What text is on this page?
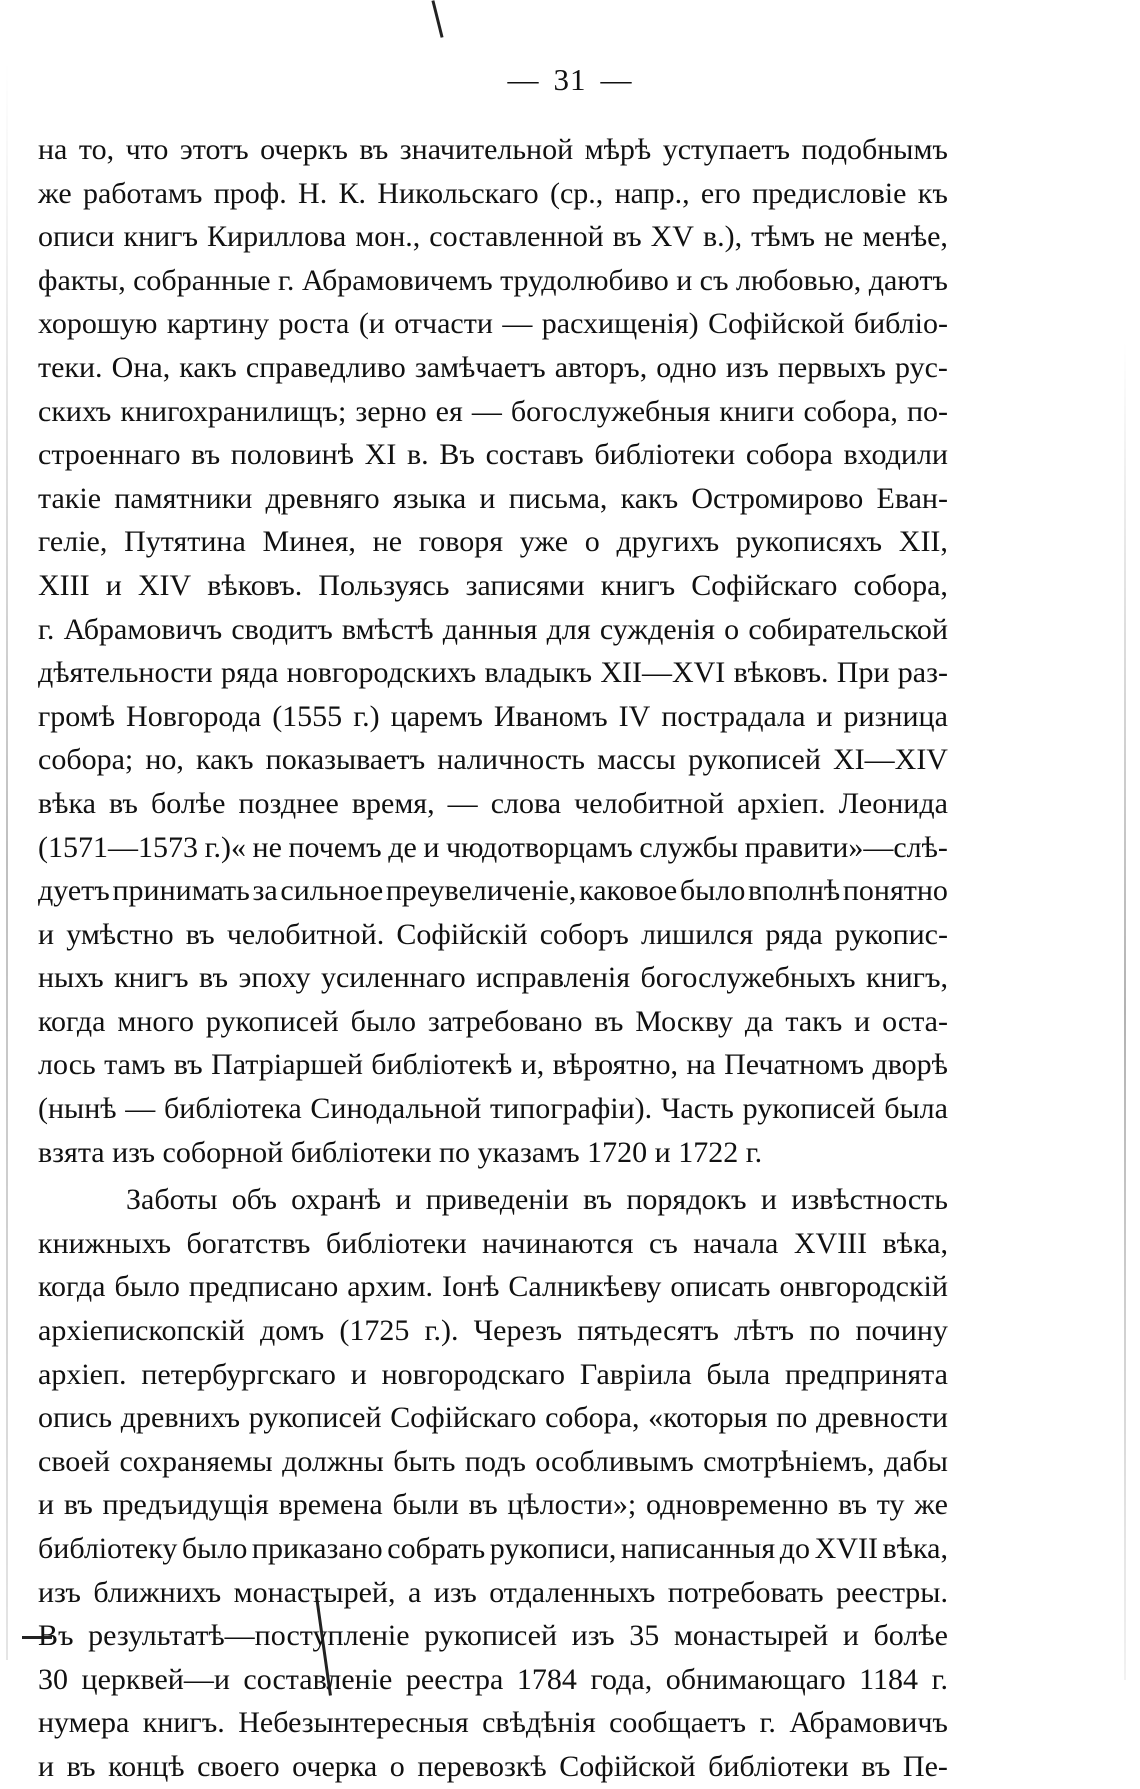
— 31 —
на то, что этотъ очеркъ въ значительной мѣрѣ уступаетъ подобнымъ
же работамъ проф. Н. К. Никольскаго (ср., напр., его предисловіе къ
описи книгъ Кириллова мон., составленной въ XV в.), тѣмъ не менѣе,
факты, собранные г. Абрамовичемъ трудолюбиво и съ любовью, даютъ
хорошую картину роста (и отчасти — расхищенія) Софійской библіо-
теки. Она, какъ справедливо замѣчаетъ авторъ, одно изъ первыхъ рус-
скихъ книгохранилищъ; зерно ея — богослужебныя книги собора, по-
строеннаго въ половинѣ XI в. Въ составъ библіотеки собора входили
такіе памятники древняго языка и письма, какъ Остромирово Еван-
геліе, Путятина Минея, не говоря уже о другихъ рукописяхъ XII,
XIII и XIV вѣковъ. Пользуясь записями книгъ Софійскаго собора,
г. Абрамовичъ сводитъ вмѣстѣ данныя для сужденія о собирательской
дѣятельности ряда новгородскихъ владыкъ XII—XVI вѣковъ. При раз-
громѣ Новгорода (1555 г.) царемъ Иваномъ IV пострадала и ризница
собора; но, какъ показываетъ наличность массы рукописей XI—XIV
вѣка въ болѣе позднее время, — слова челобитной архіеп. Леонида
(1571—1573 г.)« не почемъ де и чюдотворцамъ службы правити»—слѣ-
дуетъ принимать за сильное преувеличеніе, каковое было вполнѣ понятно
и умѣстно въ челобитной. Софійскій соборъ лишился ряда рукопис-
ныхъ книгъ въ эпоху усиленнаго исправленія богослужебныхъ книгъ,
когда много рукописей было затребовано въ Москву да такъ и оста-
лось тамъ въ Патріаршей библіотекѣ и, вѣроятно, на Печатномъ дворѣ
(нынѣ — библіотека Синодальной типографіи). Часть рукописей была
взята изъ соборной библіотеки по указамъ 1720 и 1722 г.
Заботы объ охранѣ и приведеніи въ порядокъ и извѣстность
книжныхъ богатствъ библіотеки начинаются съ начала XVIII вѣка,
когда было предписано архим. Іонѣ Салникѣеву описать онвгородскій
архіепископскій домъ (1725 г.). Черезъ пятьдесятъ лѣтъ по почину
архіеп. петербургскаго и новгородскаго Гавріила была предпринята
опись древнихъ рукописей Софійскаго собора, «которыя по древности
своей сохраняемы должны быть подъ особливымъ смотрѣніемъ, дабы
и въ предъидущія времена были въ цѣлости»; одновременно въ ту же
библіотеку было приказано собрать рукописи, написанныя до XVII вѣка,
изъ ближнихъ монастырей, а изъ отдаленныхъ потребовать реестры.
Въ результатѣ—поступленіе рукописей изъ 35 монастырей и болѣе
30 церквей—и составленіе реестра 1784 года, обнимающаго 1184 г.
нумера книгъ. Небезынтересныя свѣдѣнія сообщаетъ г. Абрамовичъ
и въ концѣ своего очерка о перевозкѣ Софійской библіотеки въ Пе-
